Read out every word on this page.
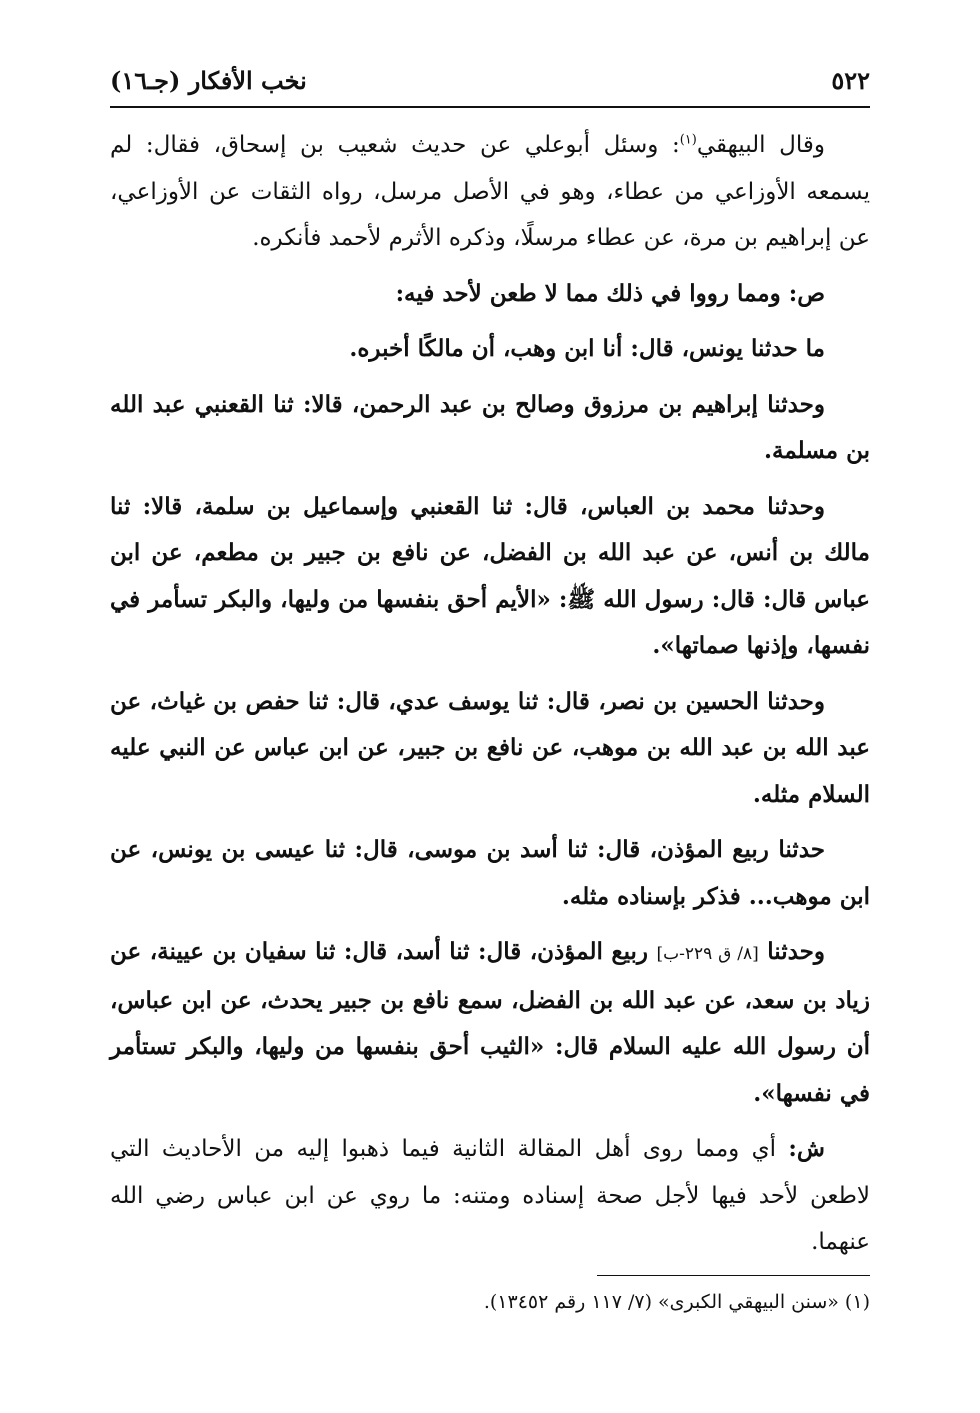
٥٢٢
نخب الأفكار (جـ١٦)

وقال البيهقي$^{(١)}$: وسئل أبوعلي عن حديث شعيب بن إسحاق، فقال: لم يسمعه الأوزاعي من عطاء، وهو في الأصل مرسل، رواه الثقات عن الأوزاعي، عن إبراهيم بن مرة، عن عطاء مرسلًا، وذكره الأثرم لأحمد فأنكره.

ص: ومما رووا في ذلك مما لا طعن لأحد فيه:

ما حدثنا يونس، قال: أنا ابن وهب، أن مالكًا أخبره.

وحدثنا إبراهيم بن مرزوق وصالح بن عبد الرحمن، قالا: ثنا القعنبي عبد الله بن مسلمة.

وحدثنا محمد بن العباس، قال: ثنا القعنبي وإسماعيل بن سلمة، قالا: ثنا مالك بن أنس، عن عبد الله بن الفضل، عن نافع بن جبير بن مطعم، عن ابن عباس قال: قال: رسول الله ﷺ: «الأيم أحق بنفسها من وليها، والبكر تسأمر في نفسها، وإذنها صماتها».

وحدثنا الحسين بن نصر، قال: ثنا يوسف عدي، قال: ثنا حفص بن غياث، عن عبد الله بن عبد الله بن موهب، عن نافع بن جبير، عن ابن عباس عن النبي عليه السلام مثله.

حدثنا ربيع المؤذن، قال: ثنا أسد بن موسى، قال: ثنا عيسى بن يونس، عن ابن موهب... فذكر بإسناده مثله.

وحدثنا [٨/ ق ٢٢٩-ب] ربيع المؤذن، قال: ثنا أسد، قال: ثنا سفيان بن عيينة، عن زياد بن سعد، عن عبد الله بن الفضل، سمع نافع بن جبير يحدث، عن ابن عباس، أن رسول الله عليه السلام قال: «الثيب أحق بنفسها من وليها، والبكر تستأمر في نفسها».

ش: أي ومما روى أهل المقالة الثانية فيما ذهبوا إليه من الأحاديث التي لاطعن لأحد فيها لأجل صحة إسناده ومتنه: ما روي عن ابن عباس رضي الله عنهما.

(١) «سنن البيهقي الكبرى» (٧/ ١١٧ رقم ١٣٤٥٢).
